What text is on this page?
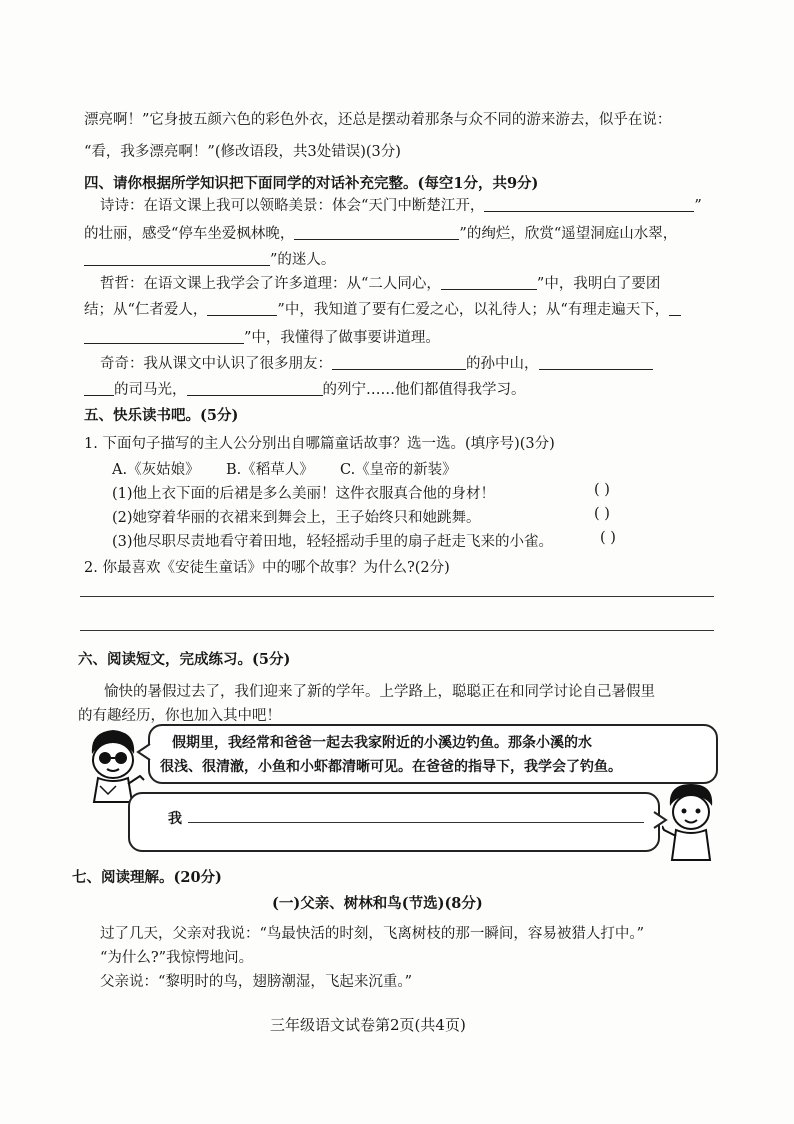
漂亮啊！”它身披五颜六色的彩色外衣，还总是摆动着那条与众不同的游来游去，似乎在说：
“看，我多漂亮啊！”(修改语段，共3处错误)(3分)
四、请你根据所学知识把下面同学的对话补充完整。(每空1分，共9分)
诗诗：在语文课上我可以领略美景：体会“天门中断楚江开，	”
的壮丽，感受“停车坐爱枫林晚，	”的绚烂，欣赏“遥望洞庭山水翠，
”的迷人。
哲哲：在语文课上我学会了许多道理：从“二人同心，	”中，我明白了要团
结；从“仁者爱人，	”中，我知道了要有仁爱之心，以礼待人；从“有理走遍天下，
”中，我懂得了做事要讲道理。
奇奇：我从课文中认识了很多朋友：	的孙中山，
的司马光，	的列宁……他们都值得我学习。
五、快乐读书吧。(5分)
1. 下面句子描写的主人公分别出自哪篇童话故事？选一选。(填序号)(3分)
A.《灰姑娘》 B.《稻草人》 C.《皇帝的新装》
(1)他上衣下面的后裙是多么美丽！这件衣服真合他的身材！	( )
(2)她穿着华丽的衣裙来到舞会上，王子始终只和她跳舞。	( )
(3)他尽职尽责地看守着田地，轻轻摇动手里的扇子赶走飞来的小雀。	( )
2. 你最喜欢《安徒生童话》中的哪个故事？为什么?(2分)
六、阅读短文，完成练习。(5分)
愉快的暑假过去了，我们迎来了新的学年。上学路上，聪聪正在和同学讨论自己暑假里
的有趣经历，你也加入其中吧！
假期里，我经常和爸爸一起去我家附近的小溪边钓鱼。那条小溪的水
很浅、很清澈，小鱼和小虾都清晰可见。在爸爸的指导下，我学会了钓鱼。
我
七、阅读理解。(20分)
(一)父亲、树林和鸟(节选)(8分)
过了几天，父亲对我说：“鸟最快活的时刻，飞离树枝的那一瞬间，容易被猎人打中。”
“为什么?”我惊愕地问。
父亲说：“黎明时的鸟，翅膀潮湿，飞起来沉重。”
三年级语文试卷第2页(共4页)
